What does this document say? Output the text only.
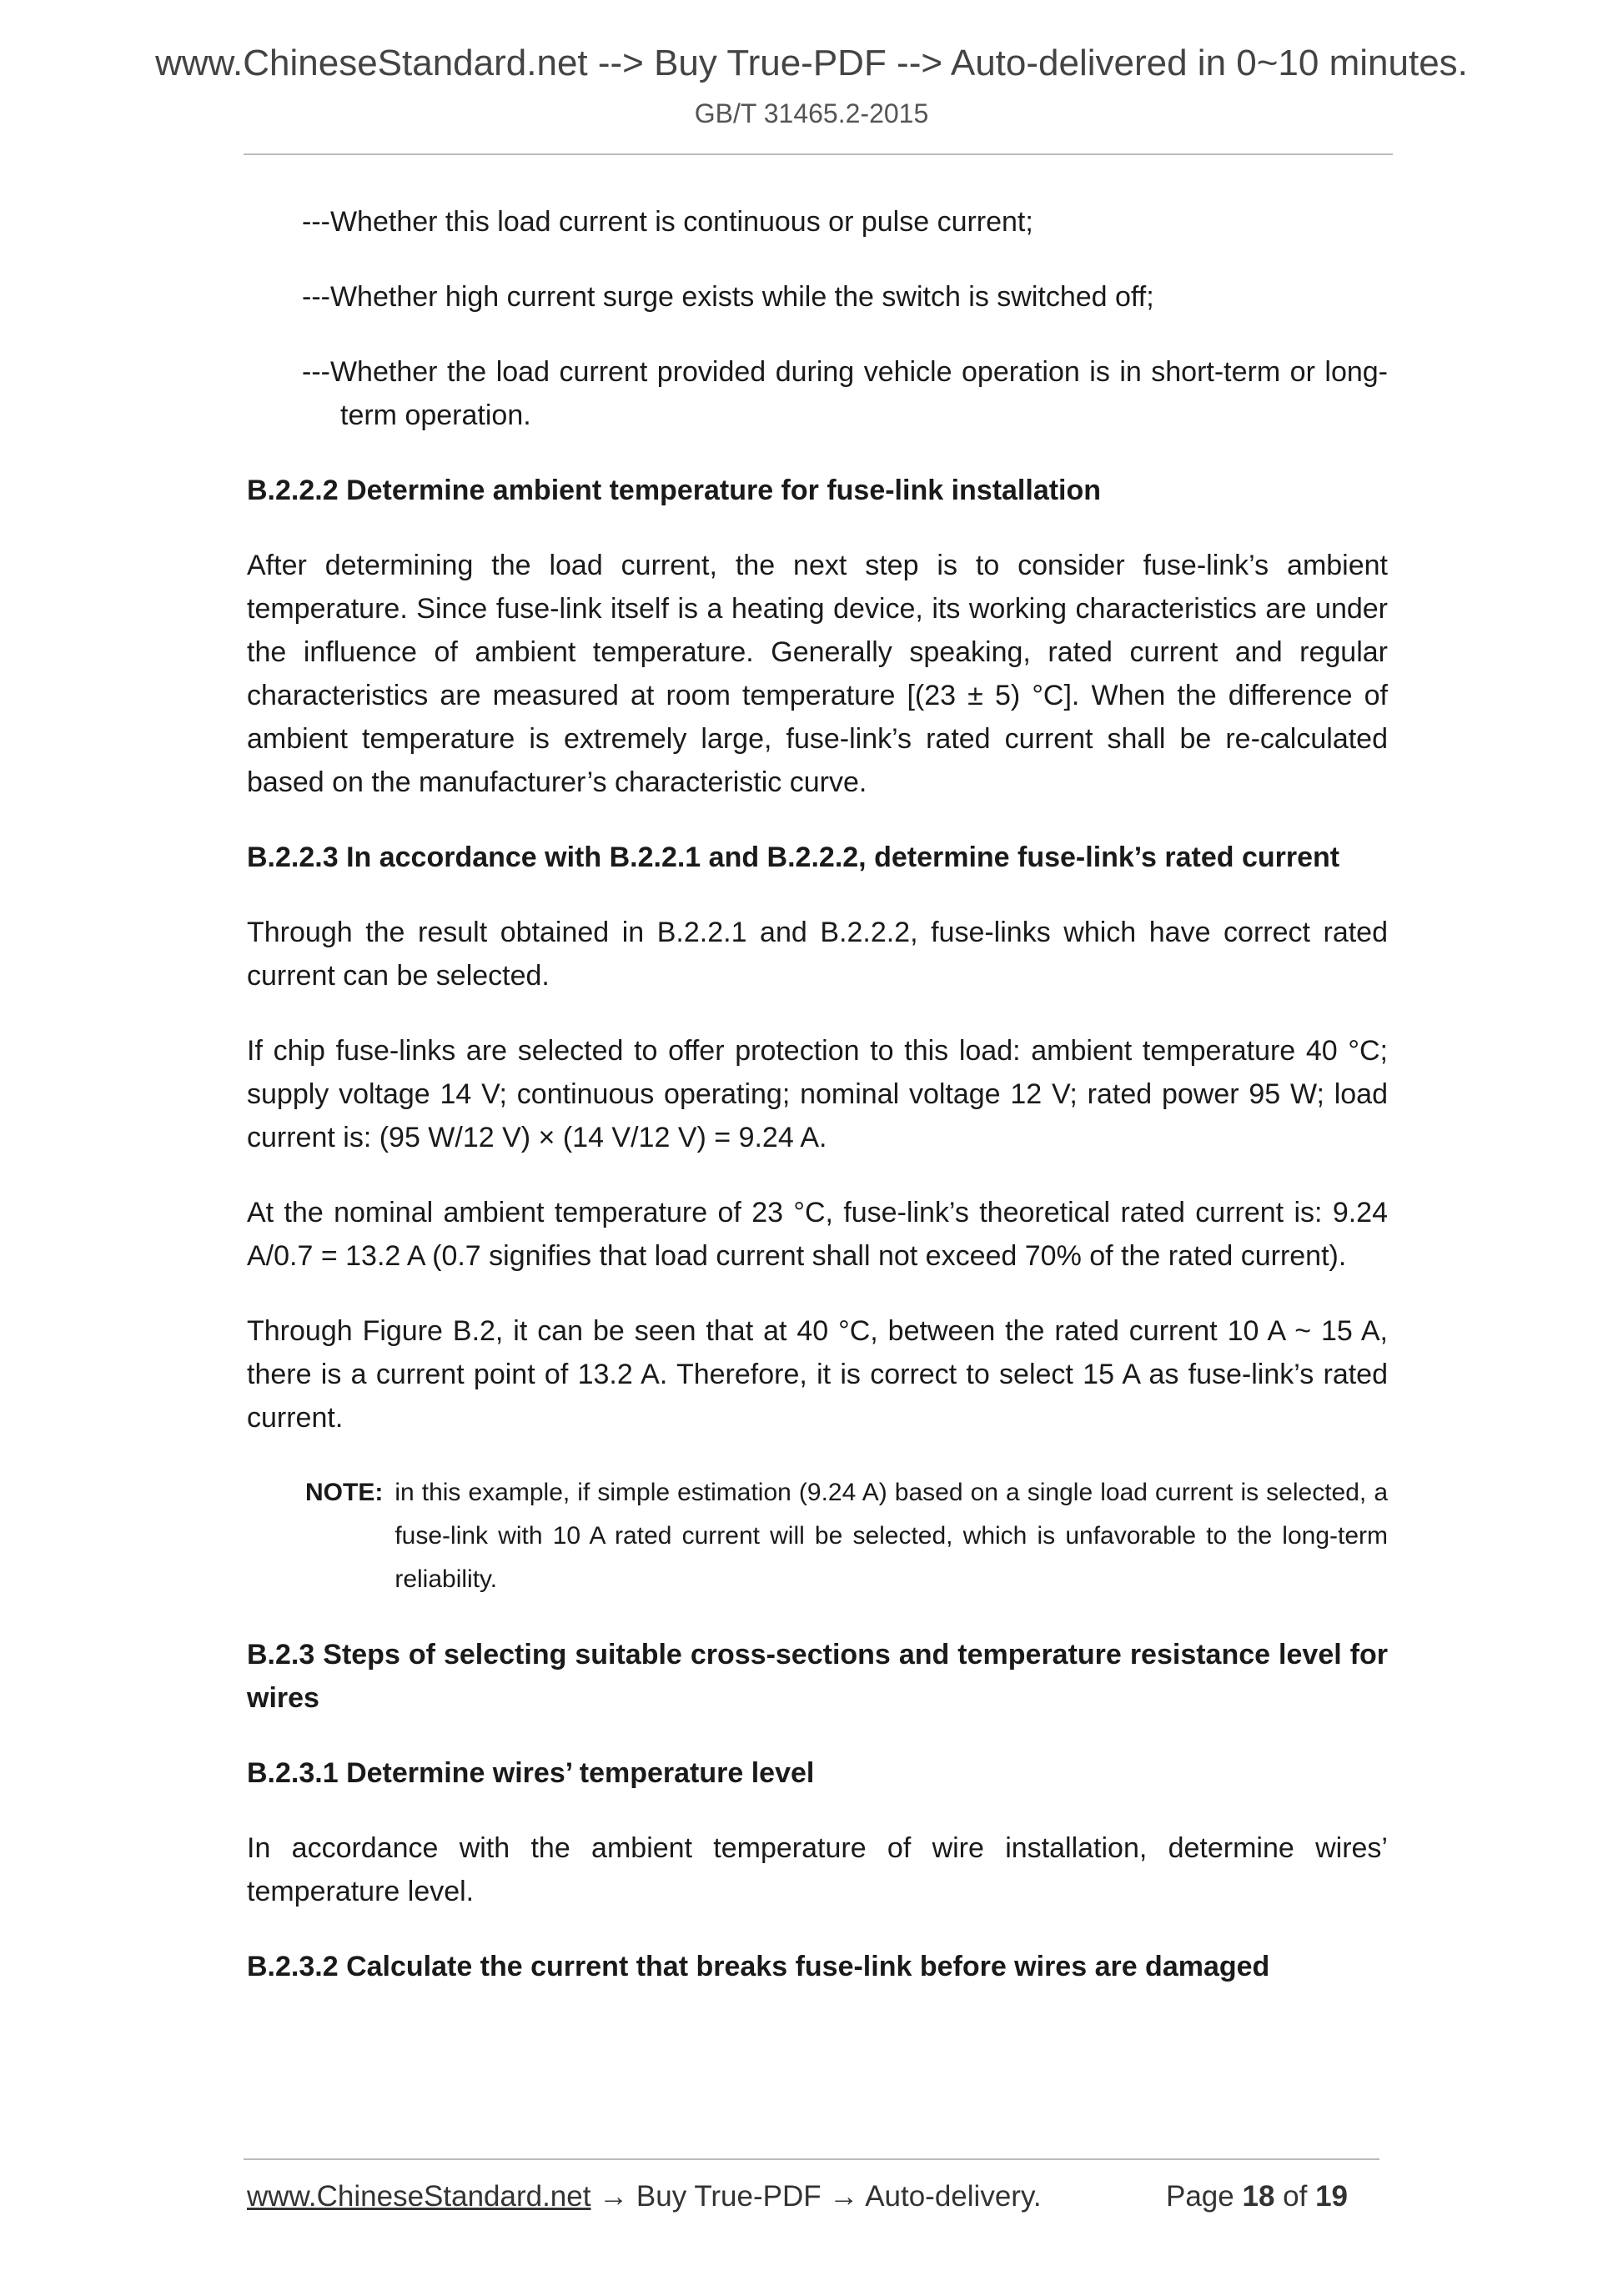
www.ChineseStandard.net --> Buy True-PDF --> Auto-delivered in 0~10 minutes.
GB/T 31465.2-2015
---Whether this load current is continuous or pulse current;
---Whether high current surge exists while the switch is switched off;
---Whether the load current provided during vehicle operation is in short-term or long-term operation.
B.2.2.2 Determine ambient temperature for fuse-link installation
After determining the load current, the next step is to consider fuse-link’s ambient temperature. Since fuse-link itself is a heating device, its working characteristics are under the influence of ambient temperature. Generally speaking, rated current and regular characteristics are measured at room temperature [(23 ± 5) °C]. When the difference of ambient temperature is extremely large, fuse-link’s rated current shall be re-calculated based on the manufacturer’s characteristic curve.
B.2.2.3 In accordance with B.2.2.1 and B.2.2.2, determine fuse-link’s rated current
Through the result obtained in B.2.2.1 and B.2.2.2, fuse-links which have correct rated current can be selected.
If chip fuse-links are selected to offer protection to this load: ambient temperature 40 °C; supply voltage 14 V; continuous operating; nominal voltage 12 V; rated power 95 W; load current is: (95 W/12 V) × (14 V/12 V) = 9.24 A.
At the nominal ambient temperature of 23 °C, fuse-link’s theoretical rated current is: 9.24 A/0.7 = 13.2 A (0.7 signifies that load current shall not exceed 70% of the rated current).
Through Figure B.2, it can be seen that at 40 °C, between the rated current 10 A ~ 15 A, there is a current point of 13.2 A. Therefore, it is correct to select 15 A as fuse-link’s rated current.
NOTE: in this example, if simple estimation (9.24 A) based on a single load current is selected, a fuse-link with 10 A rated current will be selected, which is unfavorable to the long-term reliability.
B.2.3 Steps of selecting suitable cross-sections and temperature resistance level for wires
B.2.3.1 Determine wires’ temperature level
In accordance with the ambient temperature of wire installation, determine wires’ temperature level.
B.2.3.2 Calculate the current that breaks fuse-link before wires are damaged
www.ChineseStandard.net → Buy True-PDF → Auto-delivery.	Page 18 of 19
